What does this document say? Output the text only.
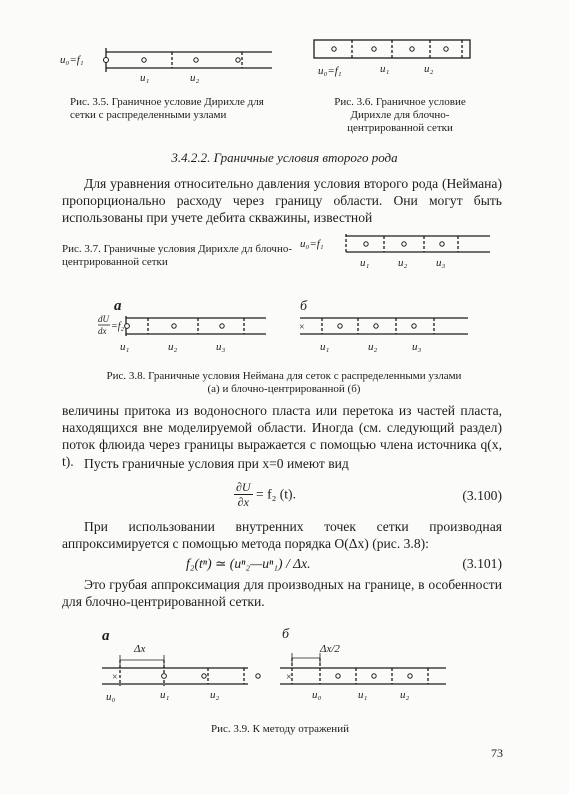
u₀=f₁
u₁	u₂
Рис. 3.5. Граничное условие Дирихле для сетки с распределенными узлами
u₀=f₁	u₁	u₂
Рис. 3.6. Граничное условие Дирихле для блочно-центрированной сетки
3.4.2.2. Граничные условия второго рода

Для уравнения относительно давления условия второго рода (Неймана) пропорционально расходу через границу области. Они могут быть использованы при учете дебита скважины, известной

Рис. 3.7. Граничные условия Дирихле дл блочно-центрированной сетки
u₀=f₁
u₁	u₂	u₃
а
dU
dx =f₂
u₁	u₂	u₃
б
×
u₁	u₂	u₃
Рис. 3.8. Граничные условия Неймана для сеток с распределенными узлами (а) и блочно-центрированной (б)

величины притока из водоносного пласта или перетока из частей пласта, находящихся вне моделируемой области. Иногда (см. следующий раздел) поток флюида через границы выражается с помощью члена источника q(x, t). Пусть граничные условия при x=0 имеют вид

$\frac{\partial U}{\partial x} = f_2$ (t).	(3.100)

При использовании внутренних точек сетки производная аппроксимируется с помощью метода порядка O(Δx) (рис. 3.8):

f₂(tⁿ) ≃ (uⁿ₂—uⁿ₁) / Δx.	(3.101)

Это грубая аппроксимация для производных на границе, в особенности для блочно-центрированной сетки.

а
Δx
×
u₀	u₁	u₂
б
Δx/2
×
u₀	u₁	u₂
Рис. 3.9. К методу отражений
73
